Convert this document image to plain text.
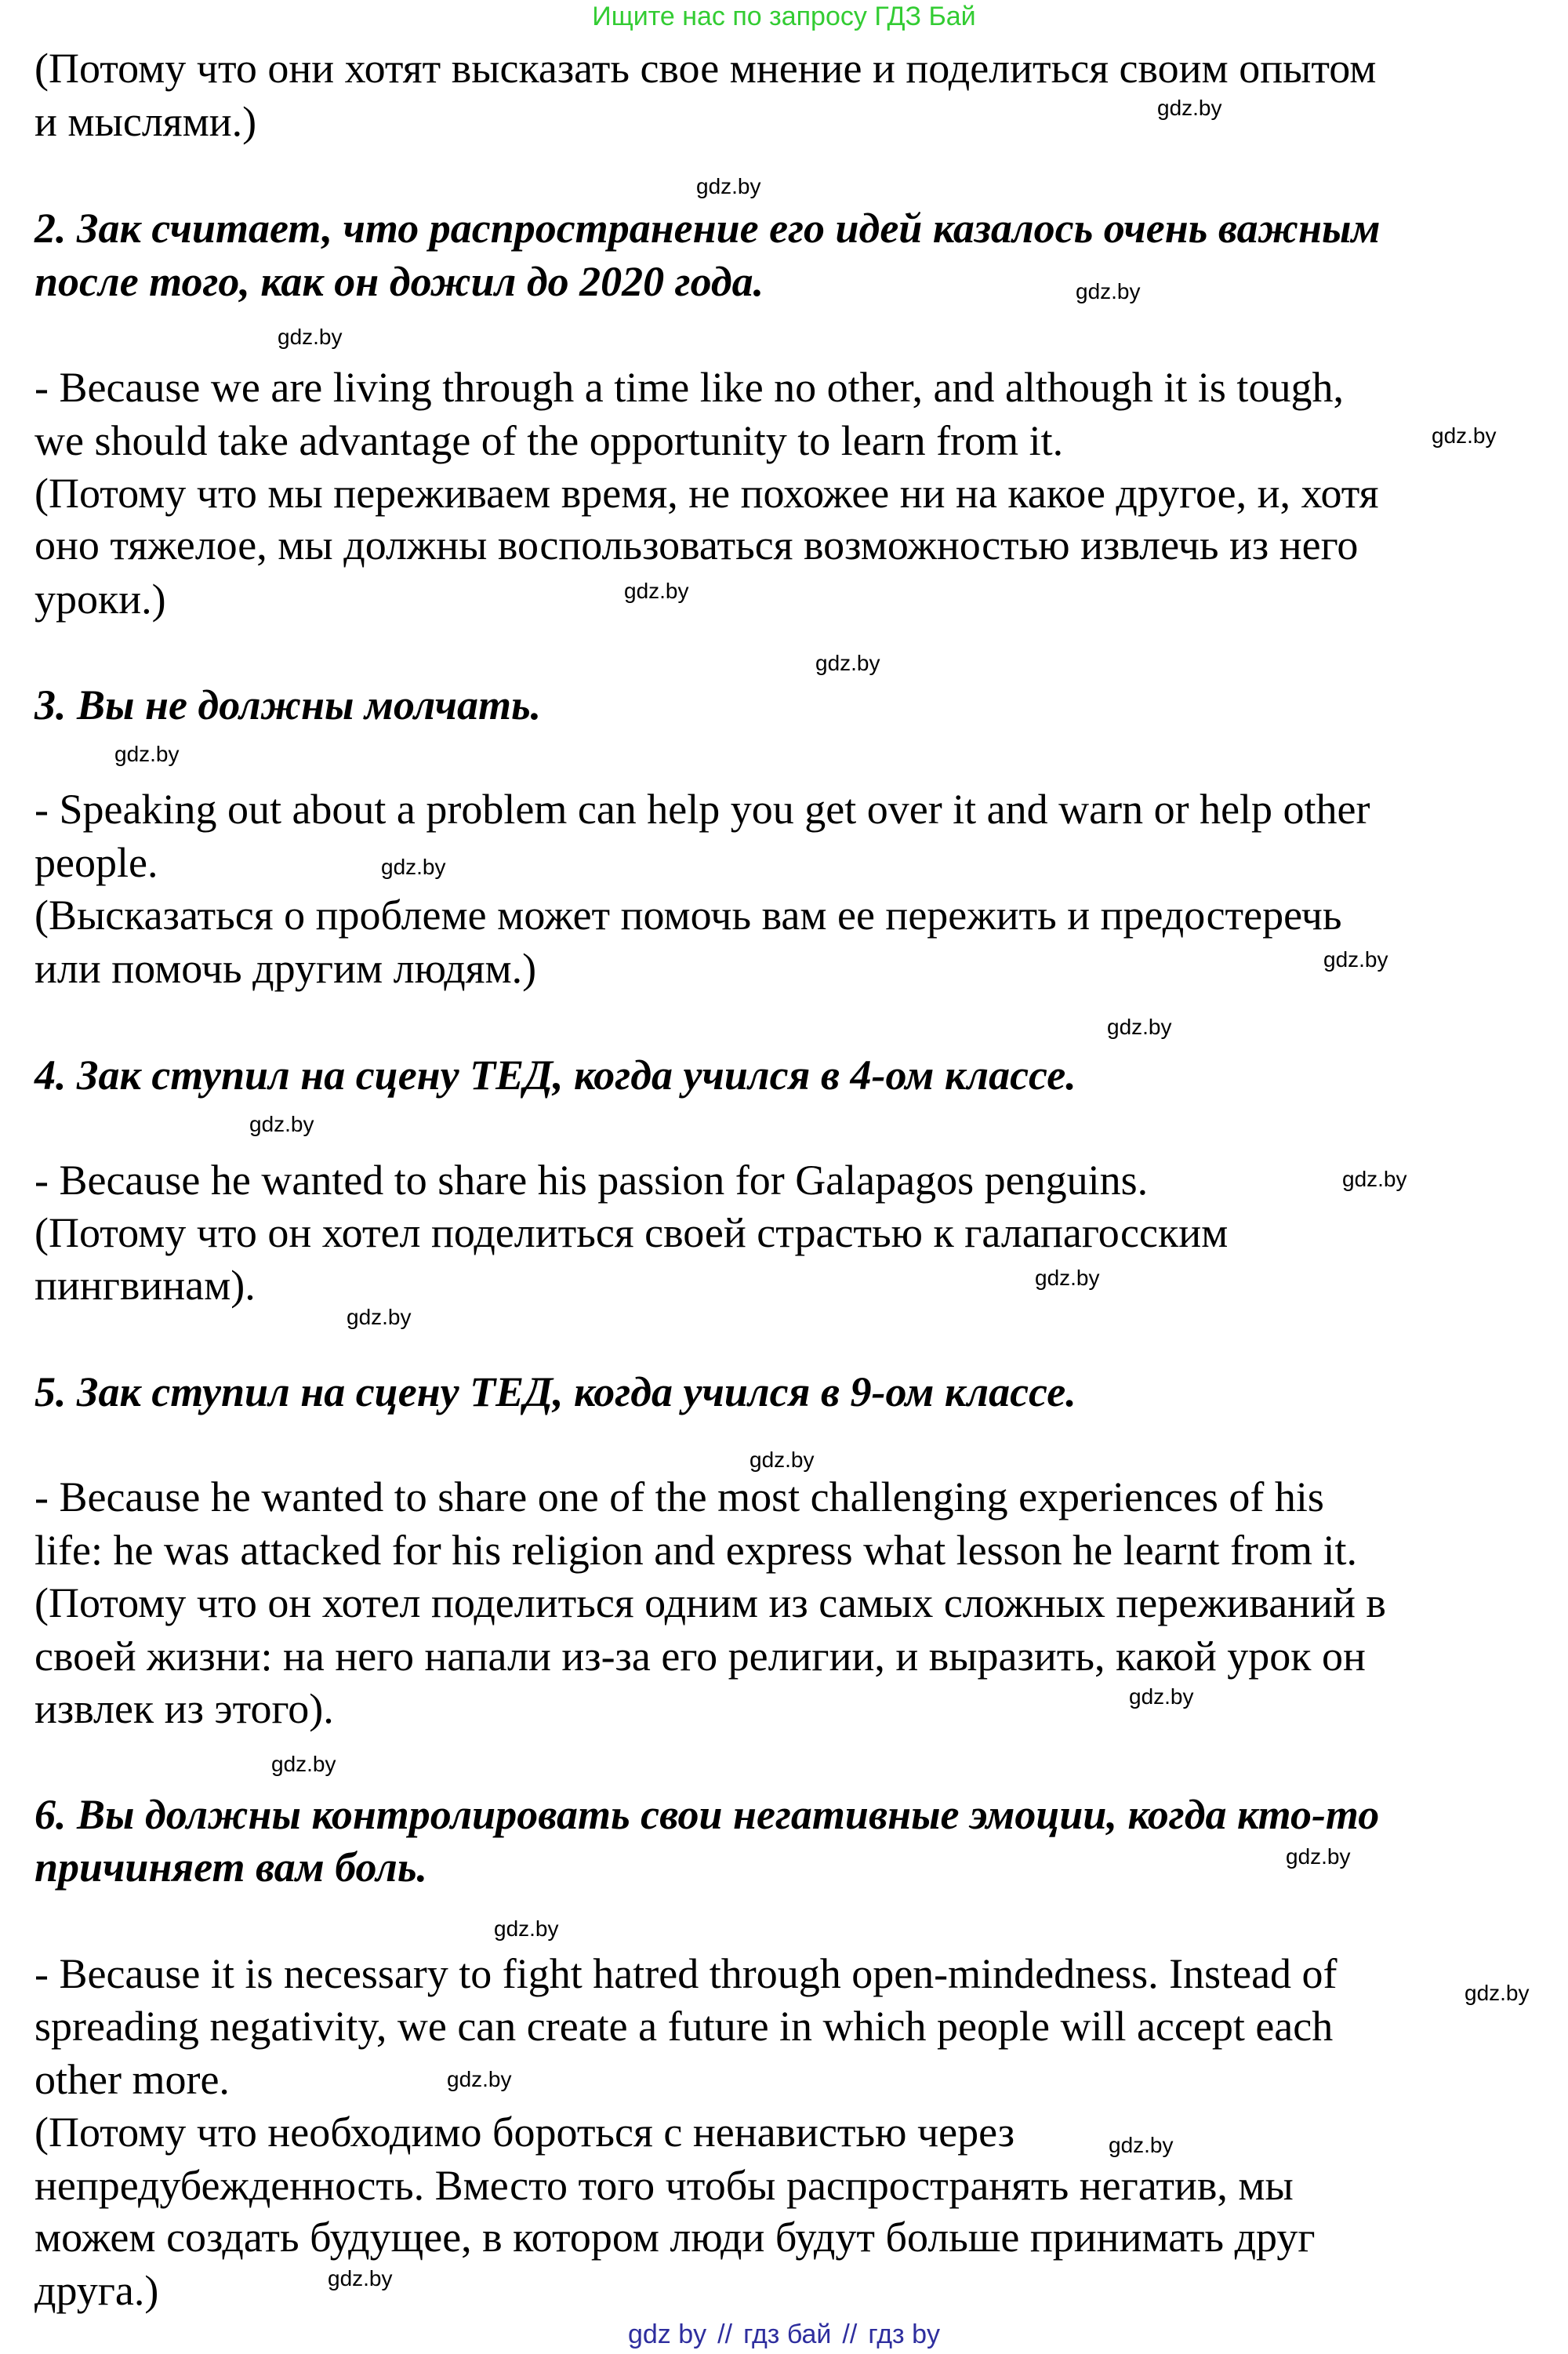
Ищите нас по запросу ГДЗ Бай
(Потому что они хотят высказать свое мнение и поделиться своим опытом
и мыслями.)
2. Зак считает, что распространение его идей казалось очень важным
после того, как он дожил до 2020 года.
- Because we are living through a time like no other, and although it is tough,
we should take advantage of the opportunity to learn from it.
(Потому что мы переживаем время, не похожее ни на какое другое, и, хотя
оно тяжелое, мы должны воспользоваться возможностью извлечь из него
уроки.)
3. Вы не должны молчать.
- Speaking out about a problem can help you get over it and warn or help other
people.
(Высказаться о проблеме может помочь вам ее пережить и предостеречь
или помочь другим людям.)
4. Зак ступил на сцену ТЕД, когда учился в 4-ом классе.
- Because he wanted to share his passion for Galapagos penguins.
(Потому что он хотел поделиться своей страстью к галапагосским
пингвинам).
5. Зак ступил на сцену ТЕД, когда учился в 9-ом классе.
- Because he wanted to share one of the most challenging experiences of his
life: he was attacked for his religion and express what lesson he learnt from it.
(Потому что он хотел поделиться одним из самых сложных переживаний в
своей жизни: на него напали из-за его религии, и выразить, какой урок он
извлек из этого).
6. Вы должны контролировать свои негативные эмоции, когда кто-то
причиняет вам боль.
- Because it is necessary to fight hatred through open-mindedness. Instead of
spreading negativity, we can create a future in which people will accept each
other more.
(Потому что необходимо бороться с ненавистью через
непредубежденность. Вместо того чтобы распространять негатив, мы
можем создать будущее, в котором люди будут больше принимать друг
друга.)
gdz.by
gdz.by
gdz.by
gdz.by
gdz.by
gdz.by
gdz.by
gdz.by
gdz.by
gdz.by
gdz.by
gdz.by
gdz.by
gdz.by
gdz.by
gdz.by
gdz.by
gdz.by
gdz.by
gdz.by
gdz.by
gdz.by
gdz.by
gdz.by
gdz by // гдз бай // гдз by
